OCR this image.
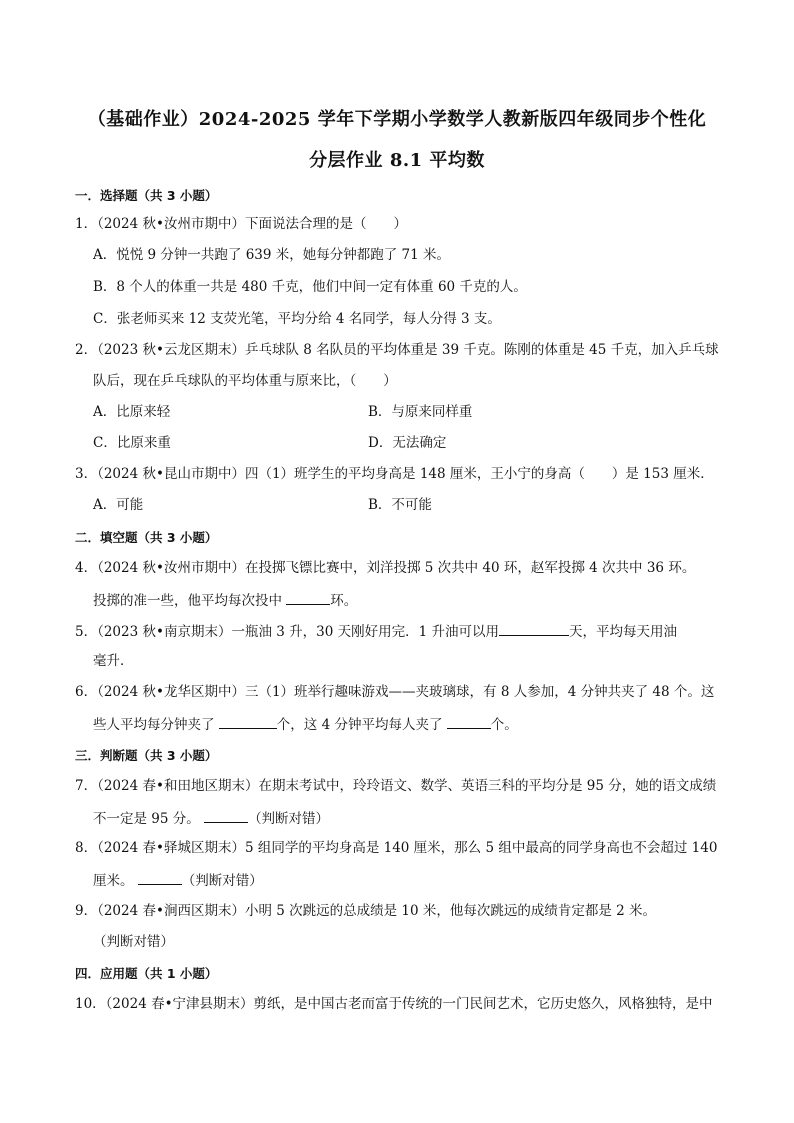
（基础作业）2024-2025 学年下学期小学数学人教新版四年级同步个性化
分层作业 8.1 平均数
一．选择题（共 3 小题）
1．（2024 秋•汝州市期中）下面说法合理的是（　　）
A．悦悦 9 分钟一共跑了 639 米，她每分钟都跑了 71 米。
B．8 个人的体重一共是 480 千克，他们中间一定有体重 60 千克的人。
C．张老师买来 12 支荧光笔，平均分给 4 名同学，每人分得 3 支。
2．（2023 秋•云龙区期末）乒乓球队 8 名队员的平均体重是 39 千克。陈刚的体重是 45 千克，加入乒乓球
队后，现在乒乓球队的平均体重与原来比，（　　）
A．比原来轻	B．与原来同样重
C．比原来重	D．无法确定
3．（2024 秋•昆山市期中）四（1）班学生的平均身高是 148 厘米，王小宁的身高（　　）是 153 厘米．
A．可能	B．不可能
二．填空题（共 3 小题）
4．（2024 秋•汝州市期中）在投掷飞镖比赛中，刘洋投掷 5 次共中 40 环，赵军投掷 4 次共中 36 环。
投掷的准一些，他平均每次投中	环。
5．（2023 秋•南京期末）一瓶油 3 升，30 天刚好用完．1 升油可以用	天，平均每天用油
毫升．
6．（2024 秋•龙华区期中）三（1）班举行趣味游戏——夹玻璃球，有 8 人参加，4 分钟共夹了 48 个。这
些人平均每分钟夹了	个，这 4 分钟平均每人夹了	个。
三．判断题（共 3 小题）
7．（2024 春•和田地区期末）在期末考试中，玲玲语文、数学、英语三科的平均分是 95 分，她的语文成绩
不一定是 95 分。	（判断对错）
8．（2024 春•驿城区期末）5 组同学的平均身高是 140 厘米，那么 5 组中最高的同学身高也不会超过 140
厘米。	（判断对错）
9．（2024 春•涧西区期末）小明 5 次跳远的总成绩是 10 米，他每次跳远的成绩肯定都是 2 米。
（判断对错）
四．应用题（共 1 小题）
10．（2024 春•宁津县期末）剪纸，是中国古老而富于传统的一门民间艺术，它历史悠久，风格独特，是中
